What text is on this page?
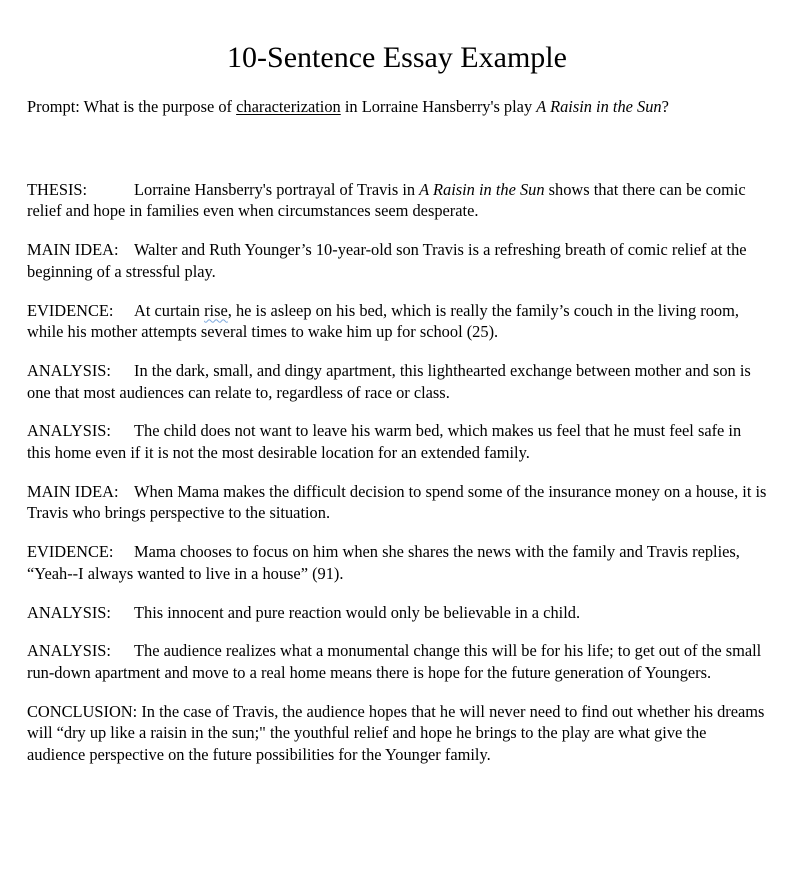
10-Sentence Essay Example

Prompt: What is the purpose of characterization in Lorraine Hansberry's play A Raisin in the Sun?

THESIS:	Lorraine Hansberry's portrayal of Travis in A Raisin in the Sun shows that there can be comic relief and hope in families even when circumstances seem desperate.

MAIN IDEA: Walter and Ruth Younger’s 10-year-old son Travis is a refreshing breath of comic relief at the beginning of a stressful play.

EVIDENCE: At curtain rise, he is asleep on his bed, which is really the family’s couch in the living room, while his mother attempts several times to wake him up for school (25).

ANALYSIS: In the dark, small, and dingy apartment, this lighthearted exchange between mother and son is one that most audiences can relate to, regardless of race or class.

ANALYSIS: The child does not want to leave his warm bed, which makes us feel that he must feel safe in this home even if it is not the most desirable location for an extended family.

MAIN IDEA: When Mama makes the difficult decision to spend some of the insurance money on a house, it is Travis who brings perspective to the situation.

EVIDENCE: Mama chooses to focus on him when she shares the news with the family and Travis replies, “Yeah--I always wanted to live in a house” (91).

ANALYSIS: This innocent and pure reaction would only be believable in a child.

ANALYSIS: The audience realizes what a monumental change this will be for his life; to get out of the small run-down apartment and move to a real home means there is hope for the future generation of Youngers.

CONCLUSION: In the case of Travis, the audience hopes that he will never need to find out whether his dreams will “dry up like a raisin in the sun;" the youthful relief and hope he brings to the play are what give the audience perspective on the future possibilities for the Younger family.
